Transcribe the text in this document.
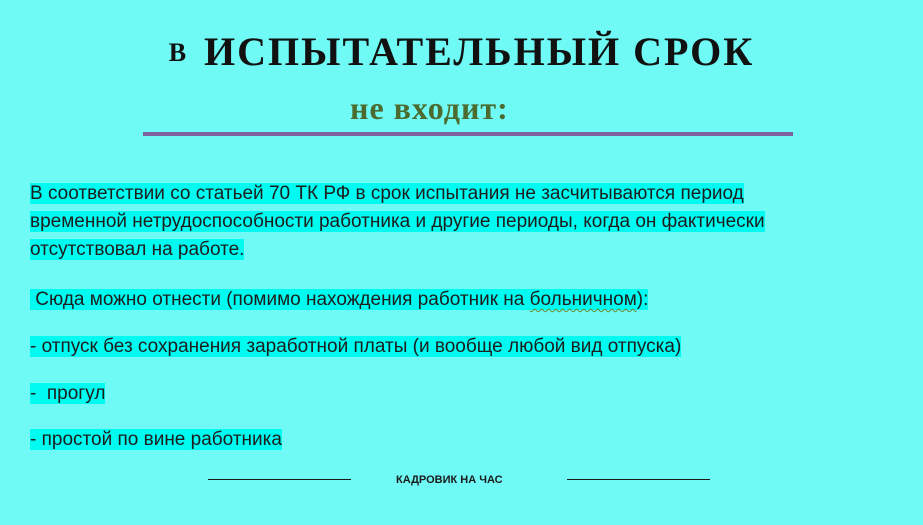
В ИСПЫТАТЕЛЬНЫЙ СРОК
не входит:
В соответствии со статьей 70 ТК РФ в срок испытания не засчитываются период
временной нетрудоспособности работника и другие периоды, когда он фактически
отсутствовал на работе.
Сюда можно отнести (помимо нахождения работник на больничном):
- отпуск без сохранения заработной платы (и вообще любой вид отпуска)
-  прогул
- простой по вине работника
КАДРОВИК НА ЧАС
